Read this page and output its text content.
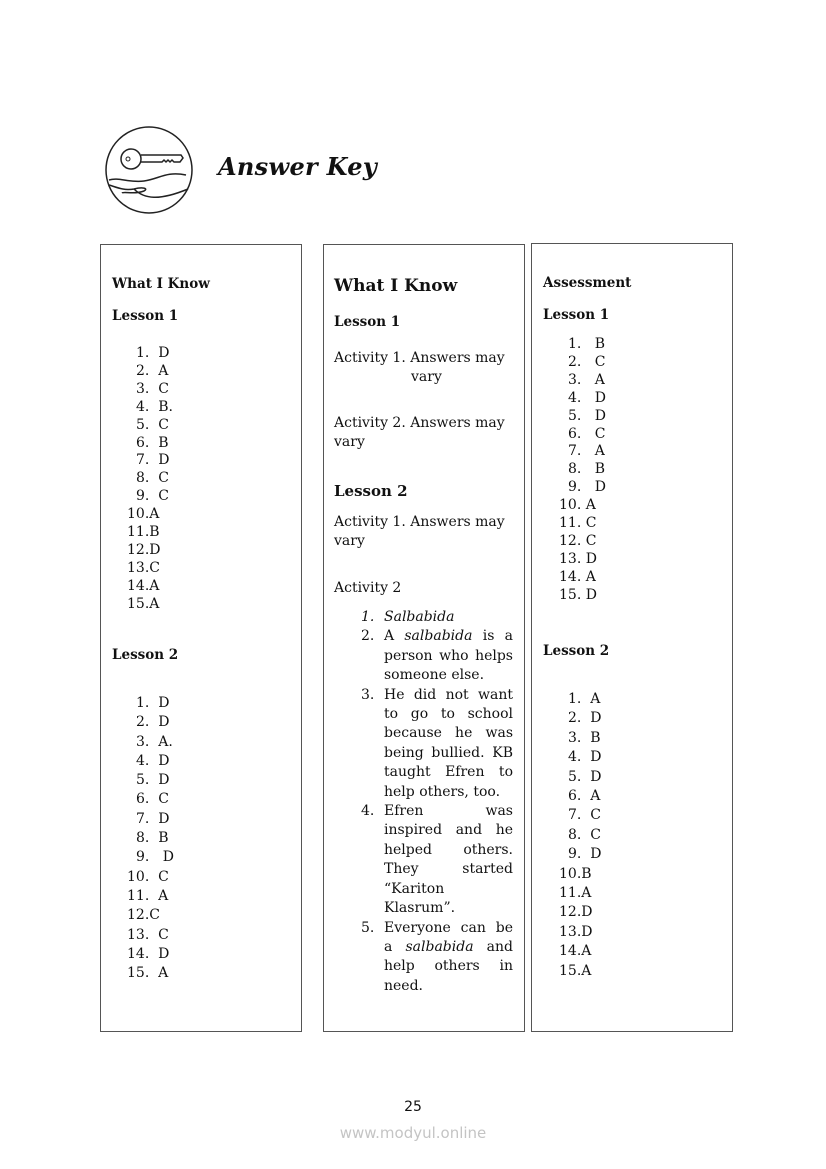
Answer Key
What I Know
Lesson 1
1.  D
2.  A
3.  C
4.  B.
5.  C
6.  B
7.  D
8.  C
9.  C
10.A
11.B
12.D
13.C
14.A
15.A
Lesson 2
1.  D
2.  D
3.  A.
4.  D
5.  D
6.  C
7.  D
8.  B
9.   D
10.  C
11.  A
12.C
13.  C
14.  D
15.  A
What I Know
Lesson 1
Activity 1. Answers may
vary
Activity 2. Answers may vary
Lesson 2
Activity 1. Answers may vary
Activity 2
1. Salbabida
2. A salbabida is a person who helps someone else.
3. He did not want to go to school because he was being bullied. KB taught Efren to help others, too.
4. Efren was inspired and he helped others. They started “Kariton Klasrum”.
5. Everyone can be a salbabida and help others in need.
Assessment
Lesson 1
1.   B
2.   C
3.   A
4.   D
5.   D
6.   C
7.   A
8.   B
9.   D
10. A
11. C
12. C
13. D
14. A
15. D
Lesson 2
1.  A
2.  D
3.  B
4.  D
5.  D
6.  A
7.  C
8.  C
9.  D
10.B
11.A
12.D
13.D
14.A
15.A
25
www.modyul.online
